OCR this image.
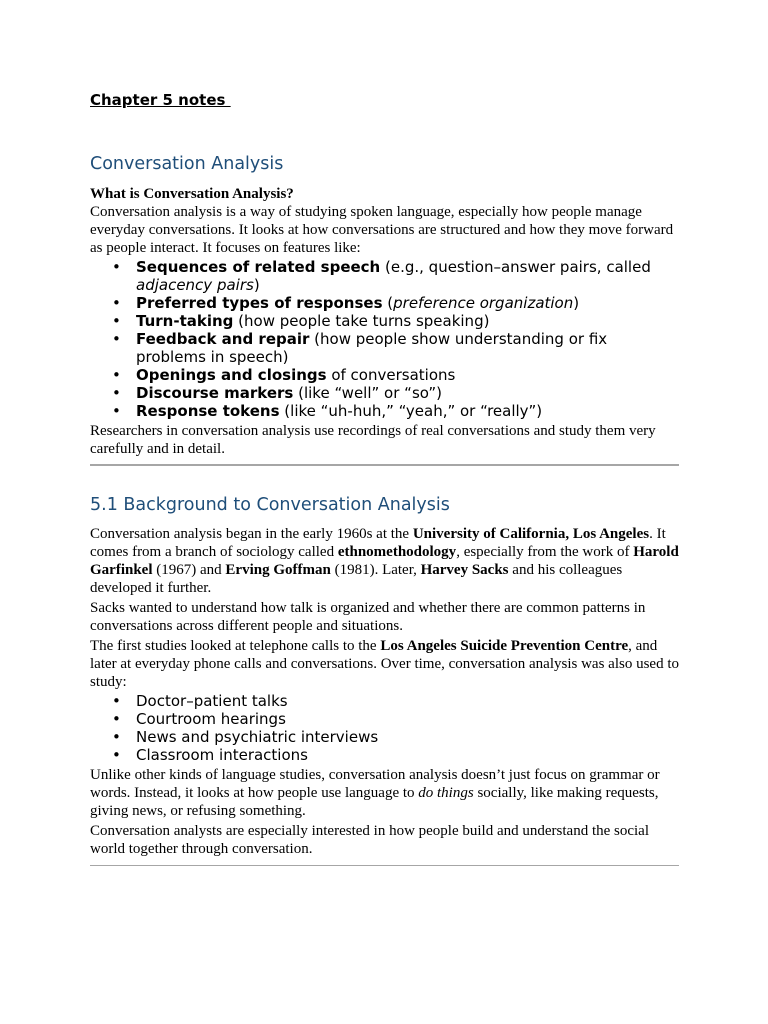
Chapter 5 notes
Conversation Analysis

What is Conversation Analysis?

Conversation analysis is a way of studying spoken language, especially how people manage everyday conversations. It looks at how conversations are structured and how they move forward as people interact. It focuses on features like:

• Sequences of related speech (e.g., question–answer pairs, called adjacency pairs)
• Preferred types of responses (preference organization)
• Turn-taking (how people take turns speaking)
• Feedback and repair (how people show understanding or fix problems in speech)
• Openings and closings of conversations
• Discourse markers (like “well” or “so”)
• Response tokens (like “uh-huh,” “yeah,” or “really”)

Researchers in conversation analysis use recordings of real conversations and study them very carefully and in detail.

5.1 Background to Conversation Analysis

Conversation analysis began in the early 1960s at the University of California, Los Angeles. It comes from a branch of sociology called ethnomethodology, especially from the work of Harold Garfinkel (1967) and Erving Goffman (1981). Later, Harvey Sacks and his colleagues developed it further.

Sacks wanted to understand how talk is organized and whether there are common patterns in conversations across different people and situations.

The first studies looked at telephone calls to the Los Angeles Suicide Prevention Centre, and later at everyday phone calls and conversations. Over time, conversation analysis was also used to study:

• Doctor–patient talks
• Courtroom hearings
• News and psychiatric interviews
• Classroom interactions

Unlike other kinds of language studies, conversation analysis doesn’t just focus on grammar or words. Instead, it looks at how people use language to do things socially, like making requests, giving news, or refusing something.

Conversation analysts are especially interested in how people build and understand the social world together through conversation.
